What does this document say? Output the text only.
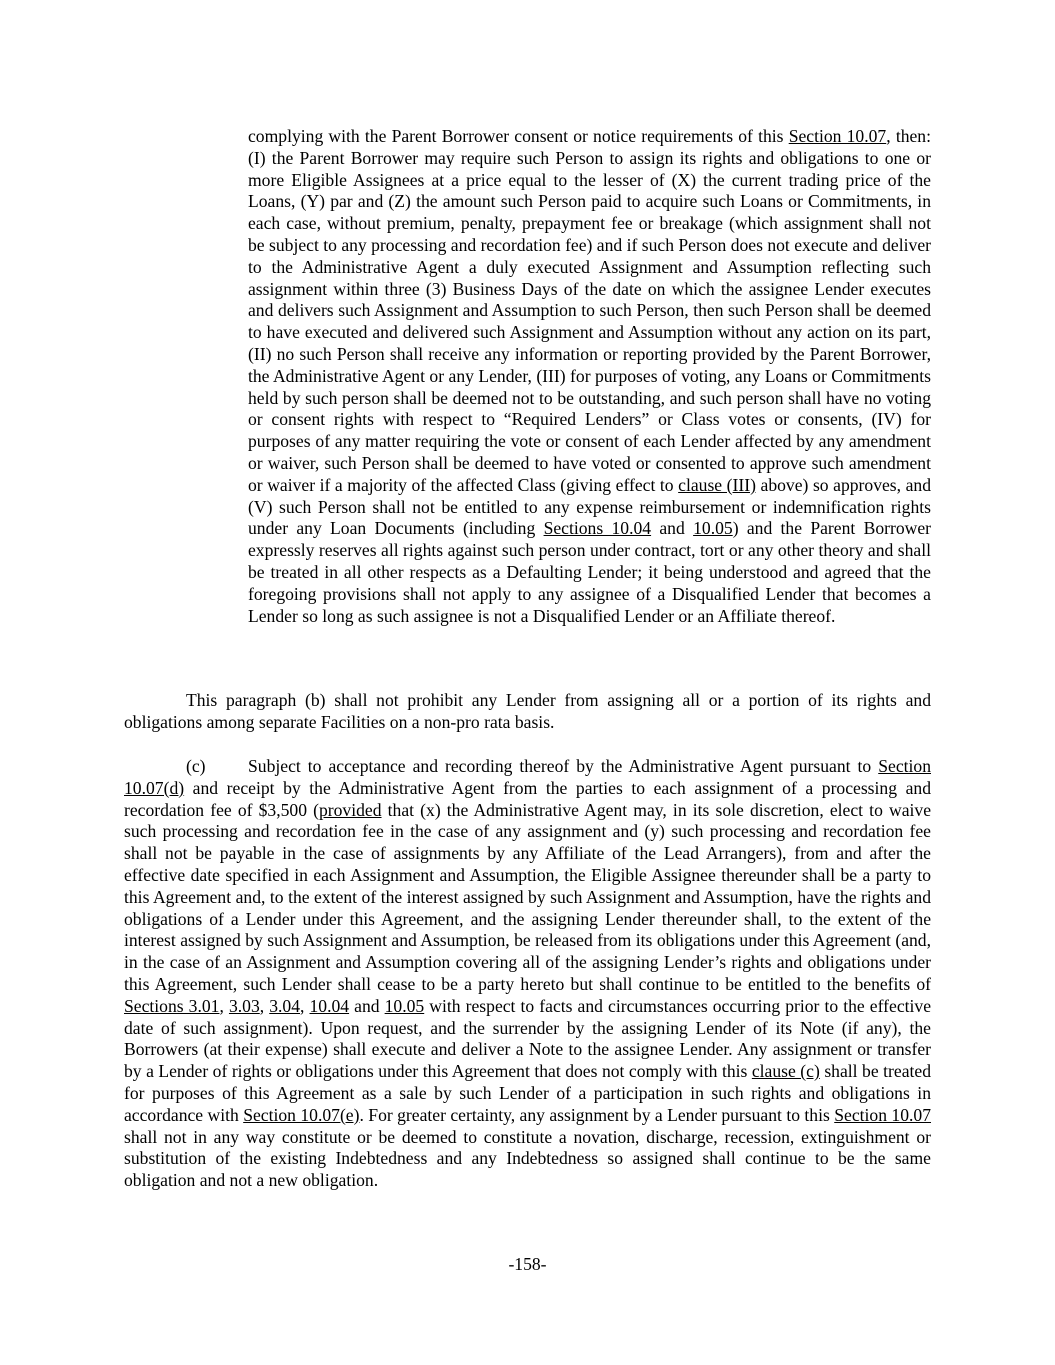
complying with the Parent Borrower consent or notice requirements of this Section 10.07, then: (I) the Parent Borrower may require such Person to assign its rights and obligations to one or more Eligible Assignees at a price equal to the lesser of (X) the current trading price of the Loans, (Y) par and (Z) the amount such Person paid to acquire such Loans or Commitments, in each case, without premium, penalty, prepayment fee or breakage (which assignment shall not be subject to any processing and recordation fee) and if such Person does not execute and deliver to the Administrative Agent a duly executed Assignment and Assumption reflecting such assignment within three (3) Business Days of the date on which the assignee Lender executes and delivers such Assignment and Assumption to such Person, then such Person shall be deemed to have executed and delivered such Assignment and Assumption without any action on its part, (II) no such Person shall receive any information or reporting provided by the Parent Borrower, the Administrative Agent or any Lender, (III) for purposes of voting, any Loans or Commitments held by such person shall be deemed not to be outstanding, and such person shall have no voting or consent rights with respect to “Required Lenders” or Class votes or consents, (IV) for purposes of any matter requiring the vote or consent of each Lender affected by any amendment or waiver, such Person shall be deemed to have voted or consented to approve such amendment or waiver if a majority of the affected Class (giving effect to clause (III) above) so approves, and (V) such Person shall not be entitled to any expense reimbursement or indemnification rights under any Loan Documents (including Sections 10.04 and 10.05) and the Parent Borrower expressly reserves all rights against such person under contract, tort or any other theory and shall be treated in all other respects as a Defaulting Lender; it being understood and agreed that the foregoing provisions shall not apply to any assignee of a Disqualified Lender that becomes a Lender so long as such assignee is not a Disqualified Lender or an Affiliate thereof.

This paragraph (b) shall not prohibit any Lender from assigning all or a portion of its rights and obligations among separate Facilities on a non-pro rata basis.

(c) Subject to acceptance and recording thereof by the Administrative Agent pursuant to Section 10.07(d) and receipt by the Administrative Agent from the parties to each assignment of a processing and recordation fee of $3,500 (provided that (x) the Administrative Agent may, in its sole discretion, elect to waive such processing and recordation fee in the case of any assignment and (y) such processing and recordation fee shall not be payable in the case of assignments by any Affiliate of the Lead Arrangers), from and after the effective date specified in each Assignment and Assumption, the Eligible Assignee thereunder shall be a party to this Agreement and, to the extent of the interest assigned by such Assignment and Assumption, have the rights and obligations of a Lender under this Agreement, and the assigning Lender thereunder shall, to the extent of the interest assigned by such Assignment and Assumption, be released from its obligations under this Agreement (and, in the case of an Assignment and Assumption covering all of the assigning Lender’s rights and obligations under this Agreement, such Lender shall cease to be a party hereto but shall continue to be entitled to the benefits of Sections 3.01, 3.03, 3.04, 10.04 and 10.05 with respect to facts and circumstances occurring prior to the effective date of such assignment). Upon request, and the surrender by the assigning Lender of its Note (if any), the Borrowers (at their expense) shall execute and deliver a Note to the assignee Lender. Any assignment or transfer by a Lender of rights or obligations under this Agreement that does not comply with this clause (c) shall be treated for purposes of this Agreement as a sale by such Lender of a participation in such rights and obligations in accordance with Section 10.07(e). For greater certainty, any assignment by a Lender pursuant to this Section 10.07 shall not in any way constitute or be deemed to constitute a novation, discharge, recession, extinguishment or substitution of the existing Indebtedness and any Indebtedness so assigned shall continue to be the same obligation and not a new obligation.

-158-
